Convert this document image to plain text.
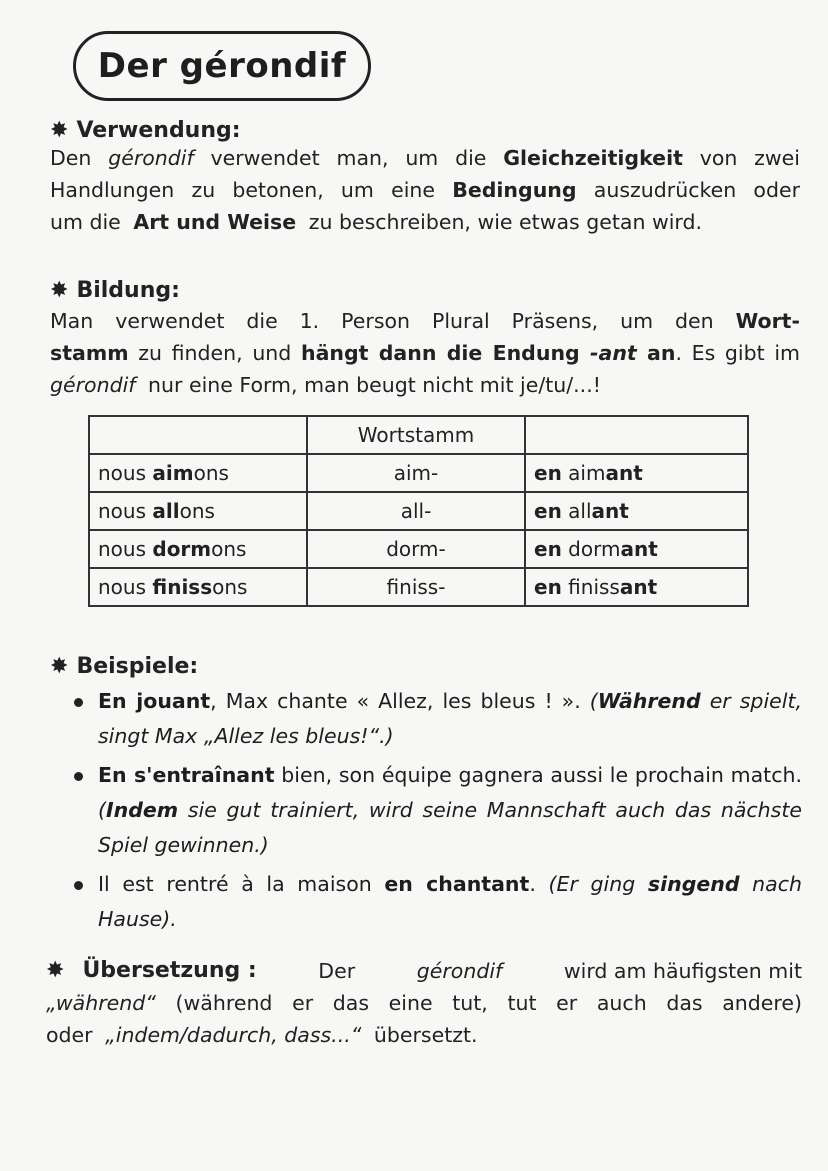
Der gérondif
✸ Verwendung:
Den gérondif verwendet man, um die Gleichzeitigkeit von zwei
Handlungen zu betonen, um eine Bedingung auszudrücken oder
um die Art und Weise zu beschreiben, wie etwas getan wird.
✸ Bildung:
Man verwendet die 1. Person Plural Präsens, um den Wort-
stamm zu finden, und hängt dann die Endung -ant an. Es gibt im
gérondif nur eine Form, man beugt nicht mit je/tu/...!
	Wortstamm	
nous aimons	aim-	en aimant
nous allons	all-	en allant
nous dormons	dorm-	en dormant
nous finissons	finiss-	en finissant
✸ Beispiele:
En jouant, Max chante « Allez, les bleus ! ». (Während er spielt, singt Max „Allez les bleus!“.)
En s'entraînant bien, son équipe gagnera aussi le prochain match. (Indem sie gut trainiert, wird seine Mannschaft auch das nächste Spiel gewinnen.)
Il est rentré à la maison en chantant. (Er ging singend nach Hause).
✸ Übersetzung :	Der	gérondif	wird am häufigsten mit
„während“ (während er das eine tut, tut er auch das andere)
oder „indem/dadurch, dass...“ übersetzt.
